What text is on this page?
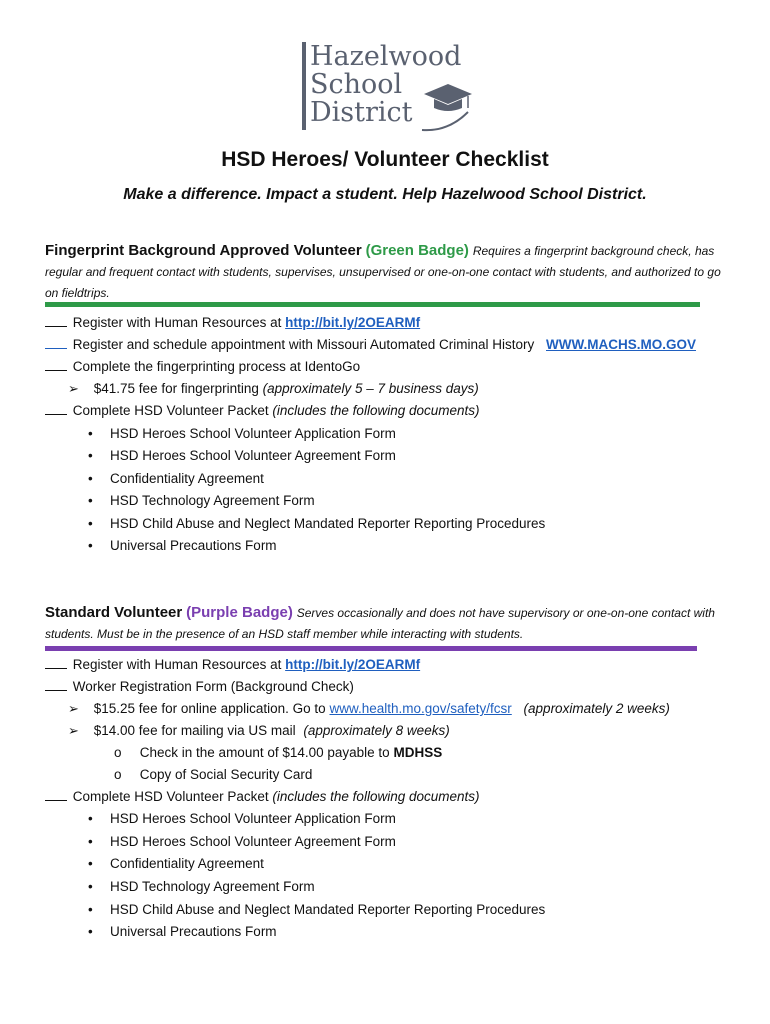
Hazelwood
School
District
HSD Heroes/ Volunteer Checklist
Make a difference. Impact a student. Help Hazelwood School District.
Fingerprint Background Approved Volunteer (Green Badge) Requires a fingerprint background check, has regular and frequent contact with students, supervises, unsupervised or one-on-one contact with students, and authorized to go on fieldtrips.
Register with Human Resources at http://bit.ly/2OEARMf
Register and schedule appointment with Missouri Automated Criminal History WWW.MACHS.MO.GOV
Complete the fingerprinting process at IdentoGo
➢ $41.75 fee for fingerprinting (approximately 5 – 7 business days)
Complete HSD Volunteer Packet (includes the following documents)
• HSD Heroes School Volunteer Application Form
• HSD Heroes School Volunteer Agreement Form
• Confidentiality Agreement
• HSD Technology Agreement Form
• HSD Child Abuse and Neglect Mandated Reporter Reporting Procedures
• Universal Precautions Form
Standard Volunteer (Purple Badge) Serves occasionally and does not have supervisory or one-on-one contact with students. Must be in the presence of an HSD staff member while interacting with students.
Register with Human Resources at http://bit.ly/2OEARMf
Worker Registration Form (Background Check)
➢ $15.25 fee for online application. Go to www.health.mo.gov/safety/fcsr (approximately 2 weeks)
➢ $14.00 fee for mailing via US mail (approximately 8 weeks)
o Check in the amount of $14.00 payable to MDHSS
o Copy of Social Security Card
Complete HSD Volunteer Packet (includes the following documents)
• HSD Heroes School Volunteer Application Form
• HSD Heroes School Volunteer Agreement Form
• Confidentiality Agreement
• HSD Technology Agreement Form
• HSD Child Abuse and Neglect Mandated Reporter Reporting Procedures
• Universal Precautions Form
